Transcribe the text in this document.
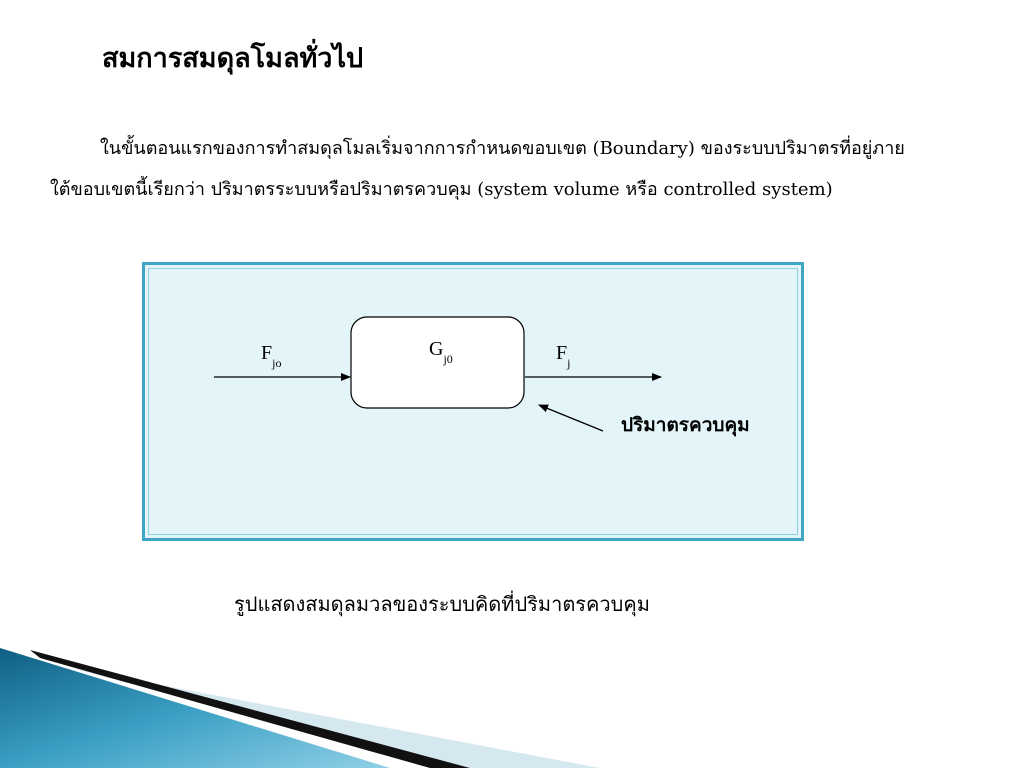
สมการสมดุลโมลทั่วไป

ในขั้นตอนแรกของการทำสมดุลโมลเริ่มจากการกำหนดขอบเขต (Boundary) ของระบบปริมาตรที่อยู่ภายใต้ขอบเขตนี้เรียกว่า ปริมาตรระบบหรือปริมาตรควบคุม (system volume หรือ controlled system)

$F_{jo}$
$G_{j0}$	$F_j$
ปริมาตรควบคุม

รูปแสดงสมดุลมวลของระบบคิดที่ปริมาตรควบคุม
